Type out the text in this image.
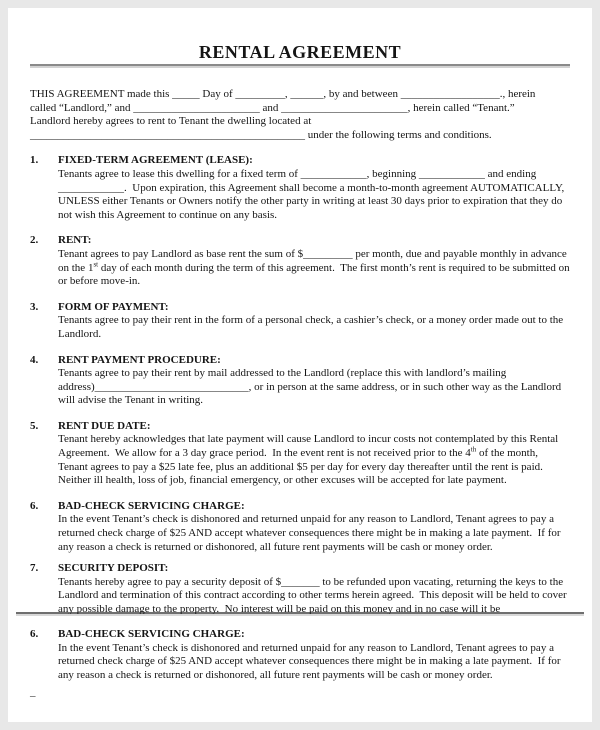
RENTAL AGREEMENT
THIS AGREEMENT made this _____ Day of _________, ______, by and between __________________., herein
called “Landlord,” and _______________________ and _______________________, herein called “Tenant.”
Landlord hereby agrees to rent to Tenant the dwelling located at
__________________________________________________ under the following terms and conditions.
1.	FIXED-TERM AGREEMENT (LEASE):
Tenants agree to lease this dwelling for a fixed term of ____________, beginning ____________ and ending ____________.  Upon expiration, this Agreement shall become a month-to-month agreement AUTOMATICALLY, UNLESS either Tenants or Owners notify the other party in writing at least 30 days prior to expiration that they do not wish this Agreement to continue on any basis.
2.	RENT:
Tenant agrees to pay Landlord as base rent the sum of $_________ per month, due and payable monthly in advance on the 1st day of each month during the term of this agreement.  The first month’s rent is required to be submitted on or before move-in.
3.	FORM OF PAYMENT:
Tenants agree to pay their rent in the form of a personal check, a cashier’s check, or a money order made out to the Landlord.
4.	RENT PAYMENT PROCEDURE:
Tenants agree to pay their rent by mail addressed to the Landlord (replace this with landlord’s mailing address)____________________________, or in person at the same address, or in such other way as the Landlord will advise the Tenant in writing.
5.	RENT DUE DATE:
Tenant hereby acknowledges that late payment will cause Landlord to incur costs not contemplated by this Rental Agreement.  We allow for a 3 day grace period.  In the event rent is not received prior to the 4th of the month, Tenant agrees to pay a $25 late fee, plus an additional $5 per day for every day thereafter until the rent is paid.  Neither ill health, loss of job, financial emergency, or other excuses will be accepted for late payment.
6.	BAD-CHECK SERVICING CHARGE:
In the event Tenant’s check is dishonored and returned unpaid for any reason to Landlord, Tenant agrees to pay a returned check charge of $25 AND accept whatever consequences there might be in making a late payment.  If for any reason a check is returned or dishonored, all future rent payments will be cash or money order.
7.	SECURITY DEPOSIT:
Tenants hereby agree to pay a security deposit of $_______ to be refunded upon vacating, returning the keys to the Landlord and termination of this contract according to other terms herein agreed.  This deposit will be held to cover any possible damage to the property.  No interest will be paid on this money and in no case will it be
6.	BAD-CHECK SERVICING CHARGE:
In the event Tenant’s check is dishonored and returned unpaid for any reason to Landlord, Tenant agrees to pay a returned check charge of $25 AND accept whatever consequences there might be in making a late payment.  If for any reason a check is returned or dishonored, all future rent payments will be cash or money order.
–
